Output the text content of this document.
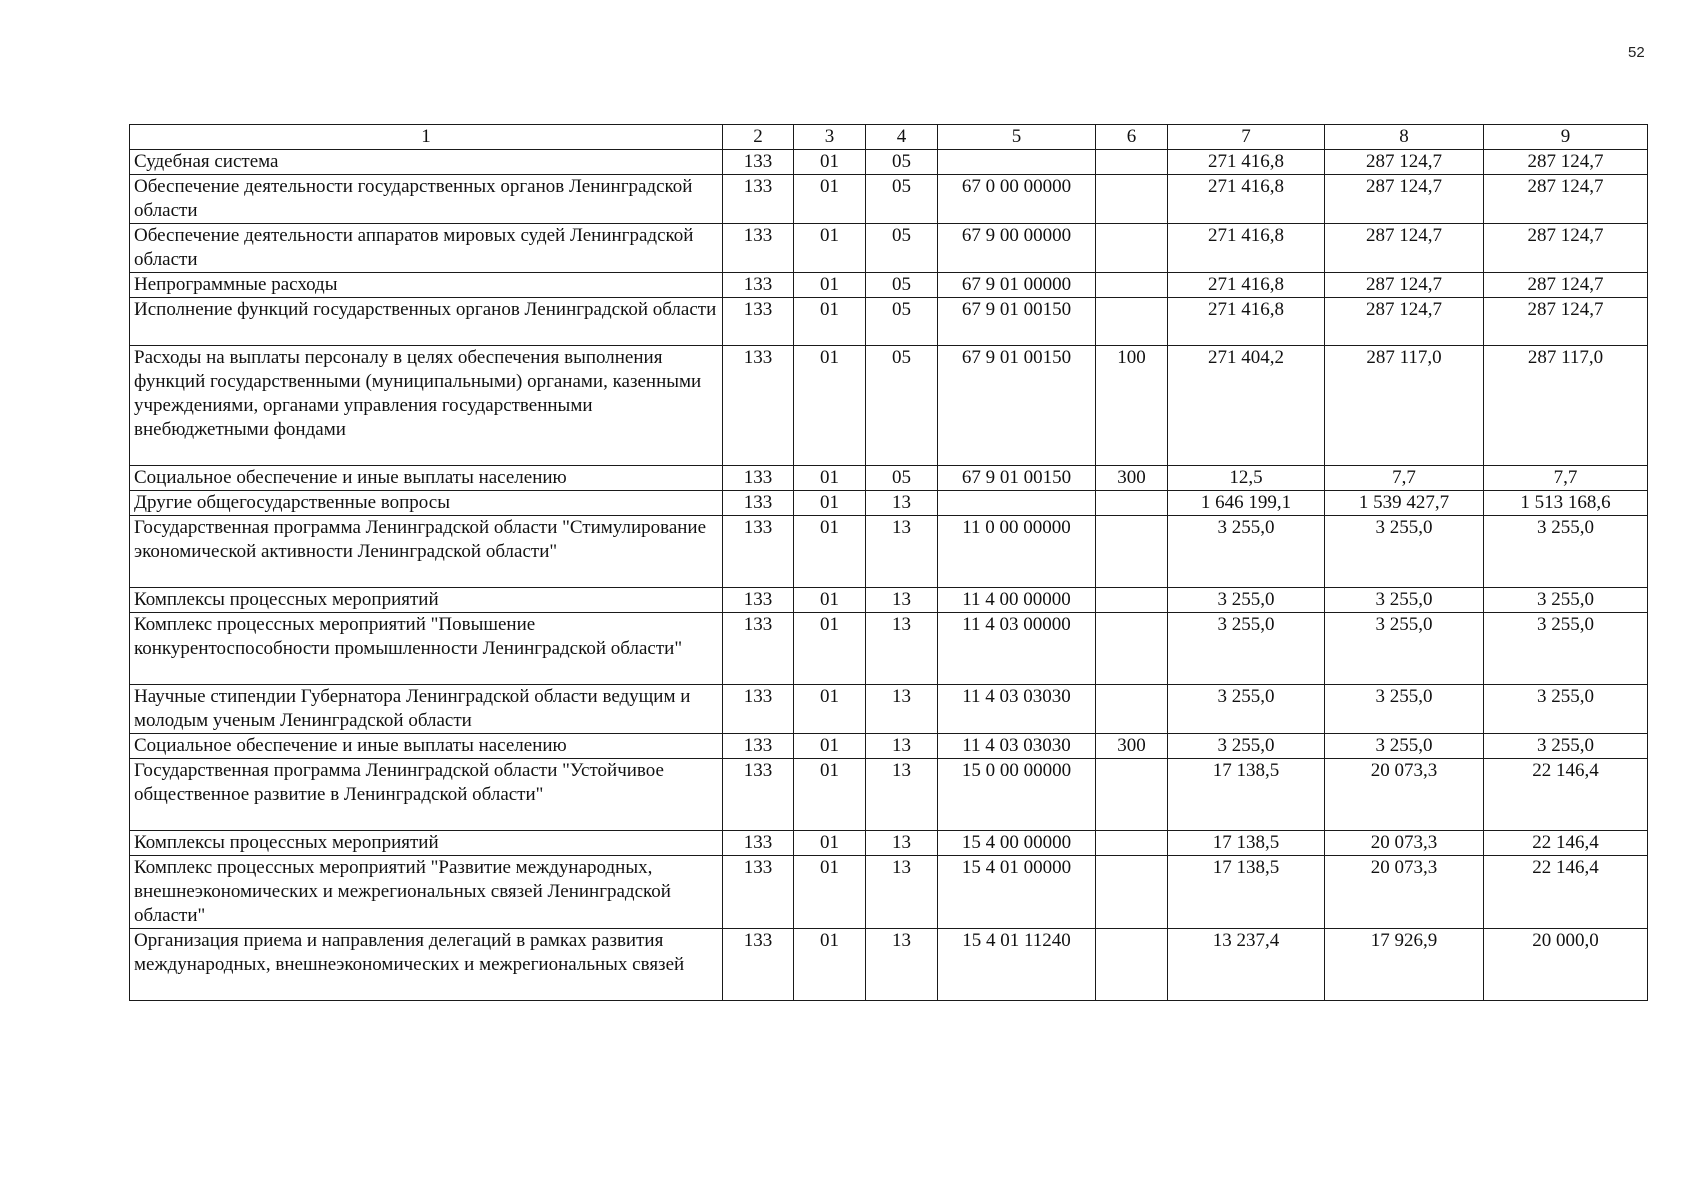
52
1	2	3	4	5	6	7	8	9
Судебная система	133	01	05			271 416,8	287 124,7	287 124,7
Обеспечение деятельности государственных органов Ленинградской области	133	01	05	67 0 00 00000		271 416,8	287 124,7	287 124,7
Обеспечение деятельности аппаратов мировых судей Ленинградской области	133	01	05	67 9 00 00000		271 416,8	287 124,7	287 124,7
Непрограммные расходы	133	01	05	67 9 01 00000		271 416,8	287 124,7	287 124,7
Исполнение функций государственных органов Ленинградской области	133	01	05	67 9 01 00150		271 416,8	287 124,7	287 124,7
Расходы на выплаты персоналу в целях обеспечения выполнения функций государственными (муниципальными) органами, казенными учреждениями, органами управления государственными внебюджетными фондами	133	01	05	67 9 01 00150	100	271 404,2	287 117,0	287 117,0
Социальное обеспечение и иные выплаты населению	133	01	05	67 9 01 00150	300	12,5	7,7	7,7
Другие общегосударственные вопросы	133	01	13			1 646 199,1	1 539 427,7	1 513 168,6
Государственная программа Ленинградской области "Стимулирование экономической активности Ленинградской области"	133	01	13	11 0 00 00000		3 255,0	3 255,0	3 255,0
Комплексы процессных мероприятий	133	01	13	11 4 00 00000		3 255,0	3 255,0	3 255,0
Комплекс процессных мероприятий "Повышение конкурентоспособности промышленности Ленинградской области"	133	01	13	11 4 03 00000		3 255,0	3 255,0	3 255,0
Научные стипендии Губернатора Ленинградской области ведущим и молодым ученым Ленинградской области	133	01	13	11 4 03 03030		3 255,0	3 255,0	3 255,0
Социальное обеспечение и иные выплаты населению	133	01	13	11 4 03 03030	300	3 255,0	3 255,0	3 255,0
Государственная программа Ленинградской области "Устойчивое общественное развитие в Ленинградской области"	133	01	13	15 0 00 00000		17 138,5	20 073,3	22 146,4
Комплексы процессных мероприятий	133	01	13	15 4 00 00000		17 138,5	20 073,3	22 146,4
Комплекс процессных мероприятий "Развитие международных, внешнеэкономических и межрегиональных связей Ленинградской области"	133	01	13	15 4 01 00000		17 138,5	20 073,3	22 146,4
Организация приема и направления делегаций в рамках развития международных, внешнеэкономических и межрегиональных связей	133	01	13	15 4 01 11240		13 237,4	17 926,9	20 000,0
